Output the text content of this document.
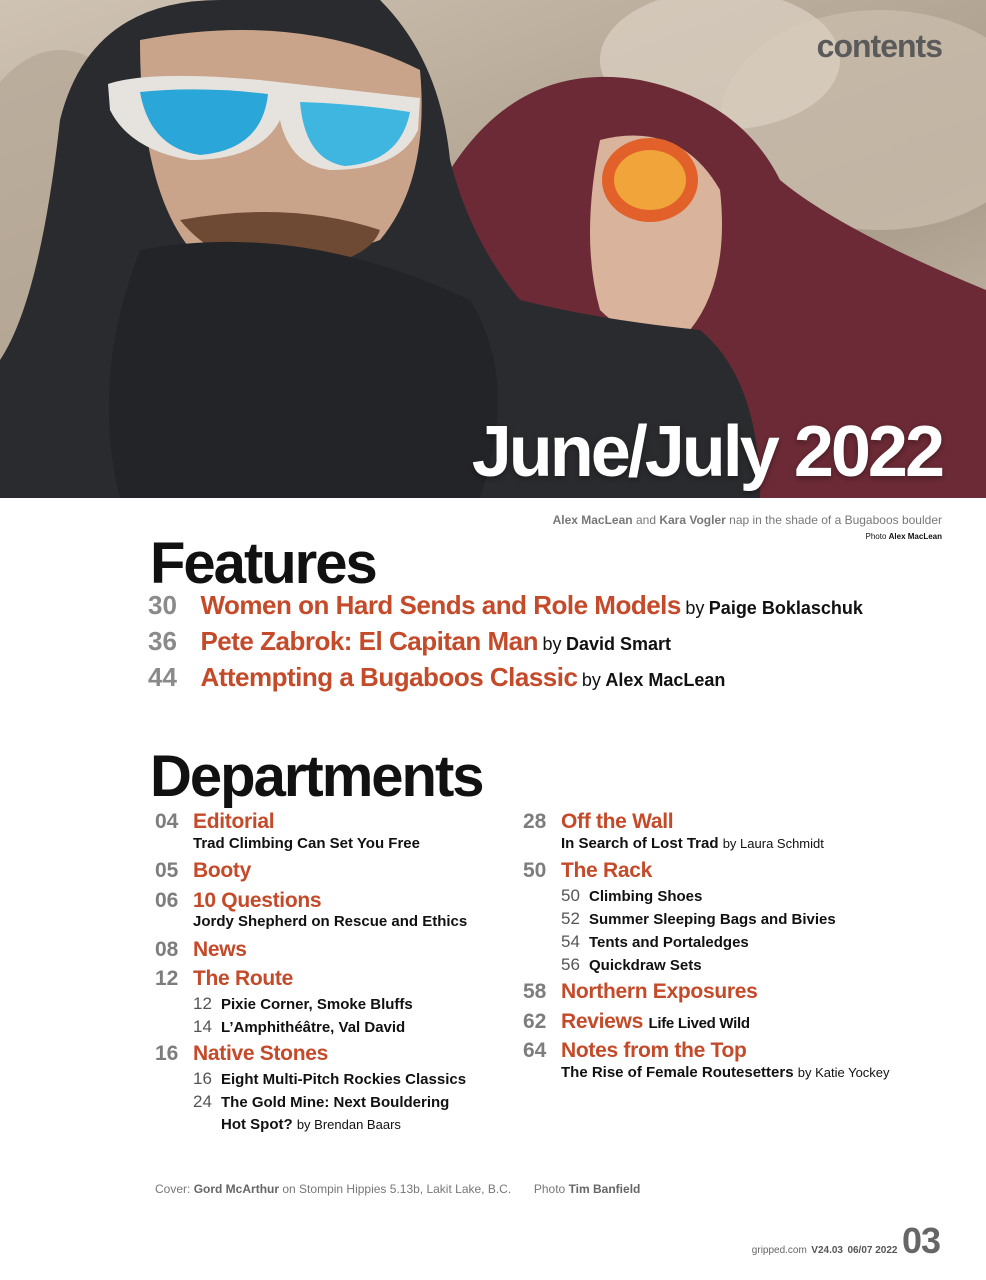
contents
June/July 2022
Alex MacLean and Kara Vogler nap in the shade of a Bugaboos boulder
Photo Alex MacLean
Features
30 Women on Hard Sends and Role Models by Paige Boklaschuk
36 Pete Zabrok: El Capitan Man by David Smart
44 Attempting a Bugaboos Classic by Alex MacLean
Departments
04 Editorial
Trad Climbing Can Set You Free
05 Booty
06 10 Questions
Jordy Shepherd on Rescue and Ethics
08 News
12 The Route
12 Pixie Corner, Smoke Bluffs
14 L’Amphithéâtre, Val David
16 Native Stones
16 Eight Multi-Pitch Rockies Classics
24 The Gold Mine: Next Bouldering
Hot Spot? by Brendan Baars
28 Off the Wall
In Search of Lost Trad by Laura Schmidt
50 The Rack
50 Climbing Shoes
52 Summer Sleeping Bags and Bivies
54 Tents and Portaledges
56 Quickdraw Sets
58 Northern Exposures
62 Reviews Life Lived Wild
64 Notes from the Top
The Rise of Female Routesetters by Katie Yockey
Cover: Gord McArthur on Stompin Hippies 5.13b, Lakit Lake, B.C. Photo Tim Banfield
gripped.com V24.03 06/07 2022 03
